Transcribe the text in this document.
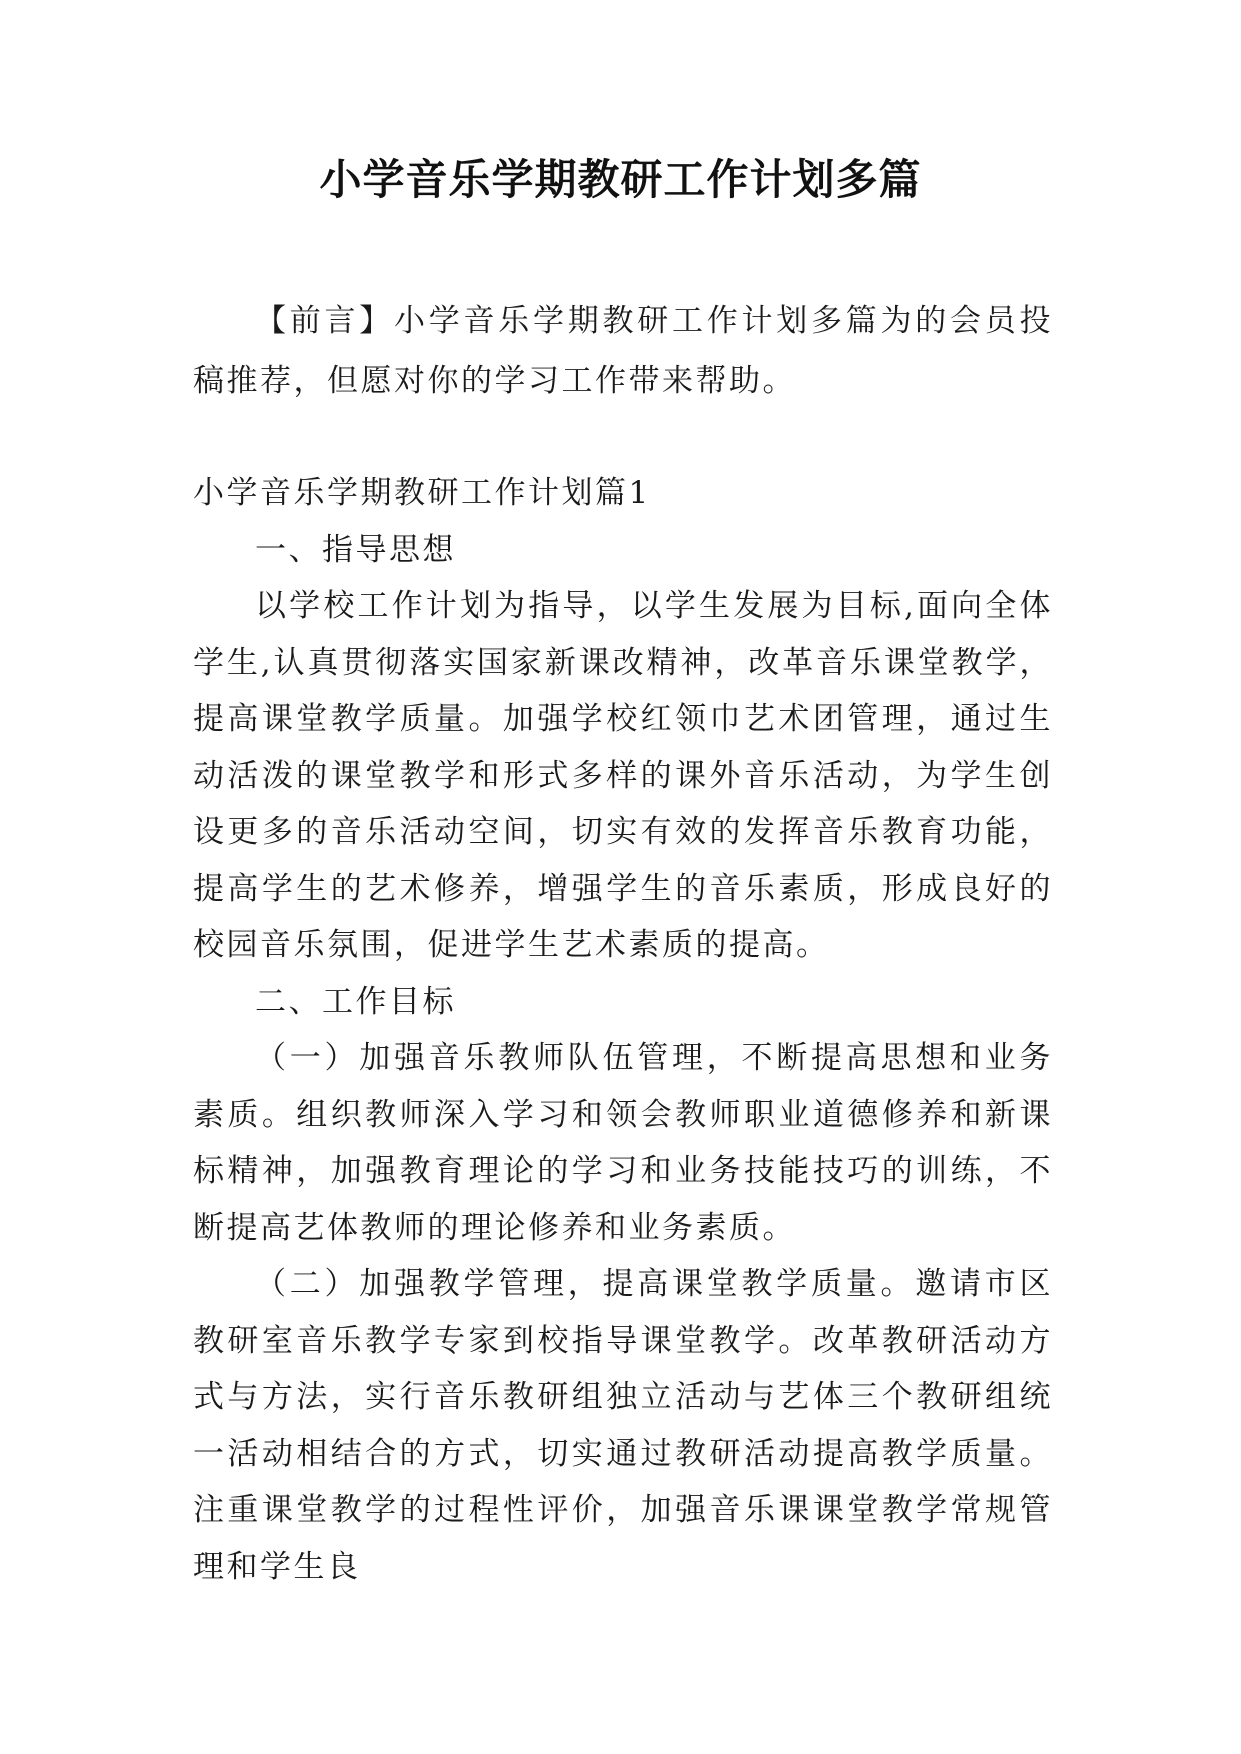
小学音乐学期教研工作计划多篇

【前言】小学音乐学期教研工作计划多篇为的会员投稿推荐，但愿对你的学习工作带来帮助。

小学音乐学期教研工作计划篇1

一、指导思想

以学校工作计划为指导，以学生发展为目标,面向全体学生,认真贯彻落实国家新课改精神，改革音乐课堂教学，提高课堂教学质量。加强学校红领巾艺术团管理，通过生动活泼的课堂教学和形式多样的课外音乐活动，为学生创设更多的音乐活动空间，切实有效的发挥音乐教育功能，提高学生的艺术修养，增强学生的音乐素质，形成良好的校园音乐氛围，促进学生艺术素质的提高。

二、工作目标

（一）加强音乐教师队伍管理，不断提高思想和业务素质。组织教师深入学习和领会教师职业道德修养和新课标精神，加强教育理论的学习和业务技能技巧的训练，不断提高艺体教师的理论修养和业务素质。

（二）加强教学管理，提高课堂教学质量。邀请市区教研室音乐教学专家到校指导课堂教学。改革教研活动方式与方法，实行音乐教研组独立活动与艺体三个教研组统一活动相结合的方式，切实通过教研活动提高教学质量。注重课堂教学的过程性评价，加强音乐课课堂教学常规管理和学生良
